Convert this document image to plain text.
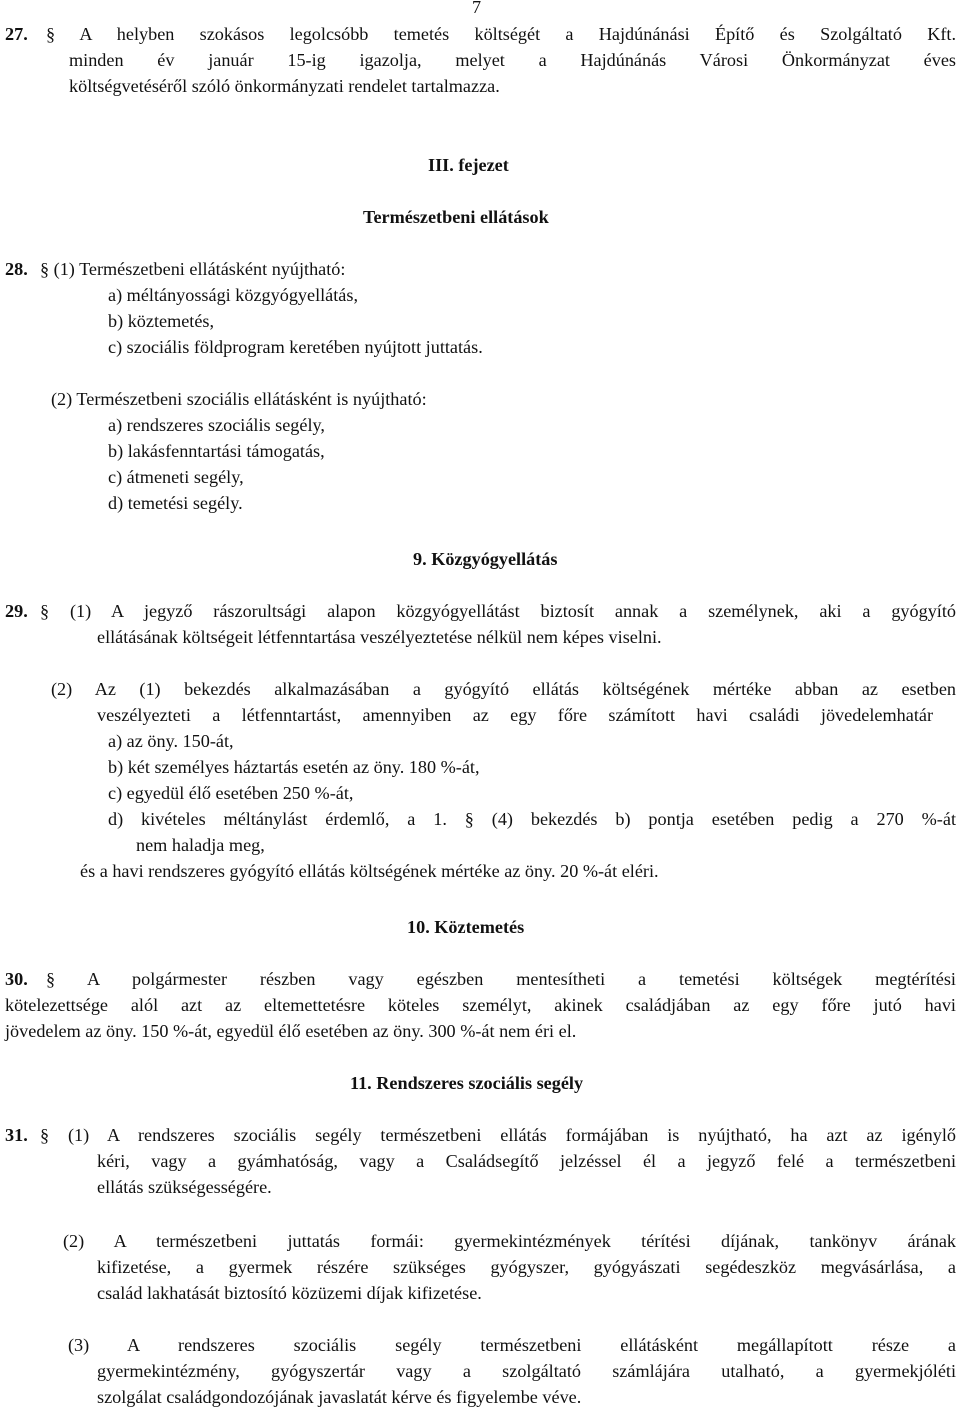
7
27. § A helyben szokásos legolcsóbb temetés költségét a Hajdúnánási Építő és Szolgáltató Kft.
minden év január 15-ig igazolja, melyet a Hajdúnánás Városi Önkormányzat éves
költségvetéséről szóló önkormányzati rendelet tartalmazza.
III. fejezet
Természetbeni ellátások
28. § (1) Természetbeni ellátásként nyújtható:
a) méltányossági közgyógyellátás,
b) köztemetés,
c) szociális földprogram keretében nyújtott juttatás.
(2) Természetbeni szociális ellátásként is nyújtható:
a) rendszeres szociális segély,
b) lakásfenntartási támogatás,
c) átmeneti segély,
d) temetési segély.
9. Közgyógyellátás
29. § (1) A jegyző rászorultsági alapon közgyógyellátást biztosít annak a személynek, aki a gyógyító
ellátásának költségeit létfenntartása veszélyeztetése nélkül nem képes viselni.
(2) Az (1) bekezdés alkalmazásában a gyógyító ellátás költségének mértéke abban az esetben
veszélyezteti a létfenntartást, amennyiben az egy főre számított havi családi jövedelemhatár
a) az öny. 150-át,
b) két személyes háztartás esetén az öny. 180 %-át,
c) egyedül élő esetében 250 %-át,
d) kivételes méltánylást érdemlő, a 1. § (4) bekezdés b) pontja esetében pedig a 270 %-át
nem haladja meg,
és a havi rendszeres gyógyító ellátás költségének mértéke az öny. 20 %-át eléri.
10. Köztemetés
30. § A polgármester részben vagy egészben mentesítheti a temetési költségek megtérítési
kötelezettsége alól azt az eltemettetésre köteles személyt, akinek családjában az egy főre jutó havi
jövedelem az öny. 150 %-át, egyedül élő esetében az öny. 300 %-át nem éri el.
11. Rendszeres szociális segély
31. § (1) A rendszeres szociális segély természetbeni ellátás formájában is nyújtható, ha azt az igénylő
kéri, vagy a gyámhatóság, vagy a Családsegítő jelzéssel él a jegyző felé a természetbeni
ellátás szükségességére.
(2) A természetbeni juttatás formái: gyermekintézmények térítési díjának, tankönyv árának
kifizetése, a gyermek részére szükséges gyógyszer, gyógyászati segédeszköz megvásárlása, a
család lakhatását biztosító közüzemi díjak kifizetése.
(3) A rendszeres szociális segély természetbeni ellátásként megállapított része a
gyermekintézmény, gyógyszertár vagy a szolgáltató számlájára utalható, a gyermekjóléti
szolgálat családgondozójának javaslatát kérve és figyelembe véve.
